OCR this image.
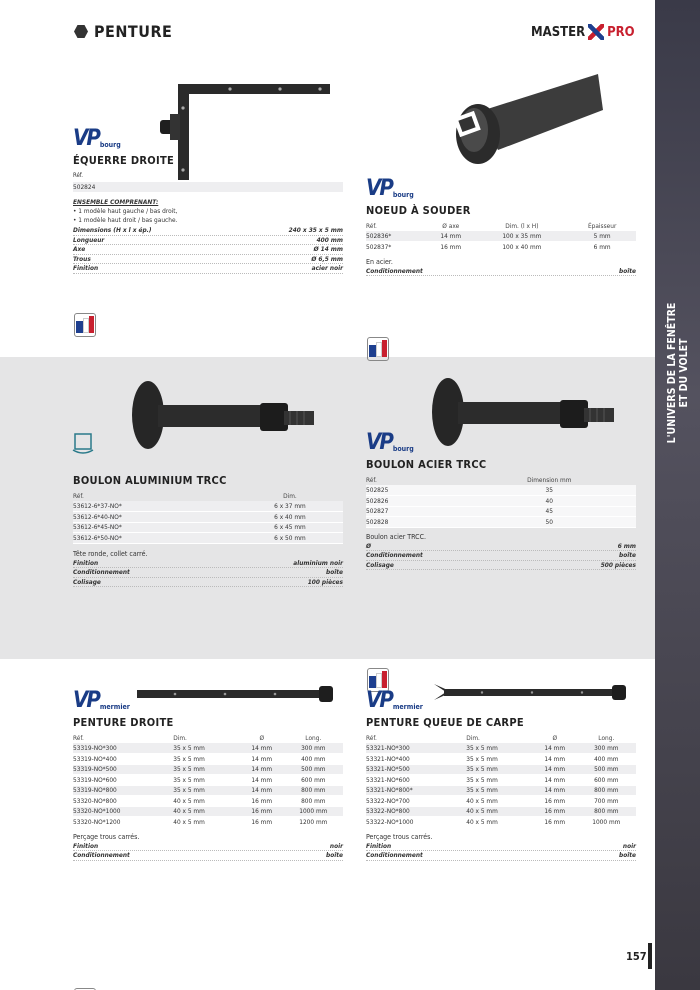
PENTURE	MASTER PRO
L'UNIVERS DE LA FENÊTRE ET DU VOLET
VP bourg
ÉQUERRE DROITE
Réf.
502824
ENSEMBLE COMPRENANT:
• 1 modèle haut gauche / bas droit,
• 1 modèle haut droit / bas gauche.
Dimensions (H x l x ép.)	240 x 35 x 5 mm
Longueur	400 mm
Axe	Ø 14 mm
Trous	Ø 6,5 mm
Finition	acier noir
VP bourg
NOEUD À SOUDER
Réf.	Ø axe	Dim. (l x H)	Épaisseur
502836*	14 mm	100 x 35 mm	5 mm
502837*	16 mm	100 x 40 mm	6 mm
En acier.
Conditionnement	boîte
BOULON ALUMINIUM TRCC
Réf.	Dim.
53612-6*37-NO*	6 x 37 mm
53612-6*40-NO*	6 x 40 mm
53612-6*45-NO*	6 x 45 mm
53612-6*50-NO*	6 x 50 mm
Tête ronde, collet carré.
Finition	aluminium noir
Conditionnement	boîte
Colisage	100 pièces
VP bourg
BOULON ACIER TRCC
Réf.	Dimension mm
502825	35
502826	40
502827	45
502828	50
Boulon acier TRCC.
Ø	6 mm
Conditionnement	boîte
Colisage	500 pièces
VP mermier
PENTURE DROITE
Réf.	Dim.	Ø	Long.
53319-NO*300	35 x 5 mm	14 mm	300 mm
53319-NO*400	35 x 5 mm	14 mm	400 mm
53319-NO*500	35 x 5 mm	14 mm	500 mm
53319-NO*600	35 x 5 mm	14 mm	600 mm
53319-NO*800	35 x 5 mm	14 mm	800 mm
53320-NO*800	40 x 5 mm	16 mm	800 mm
53320-NO*1000	40 x 5 mm	16 mm	1000 mm
53320-NO*1200	40 x 5 mm	16 mm	1200 mm
Perçage trous carrés.
Finition	noir
Conditionnement	boîte
VP mermier
PENTURE QUEUE DE CARPE
Réf.	Dim.	Ø	Long.
53321-NO*300	35 x 5 mm	14 mm	300 mm
53321-NO*400	35 x 5 mm	14 mm	400 mm
53321-NO*500	35 x 5 mm	14 mm	500 mm
53321-NO*600	35 x 5 mm	14 mm	600 mm
53321-NO*800*	35 x 5 mm	14 mm	800 mm
53322-NO*700	40 x 5 mm	16 mm	700 mm
53322-NO*800	40 x 5 mm	16 mm	800 mm
53322-NO*1000	40 x 5 mm	16 mm	1000 mm
Perçage trous carrés.
Finition	noir
Conditionnement	boîte
157
